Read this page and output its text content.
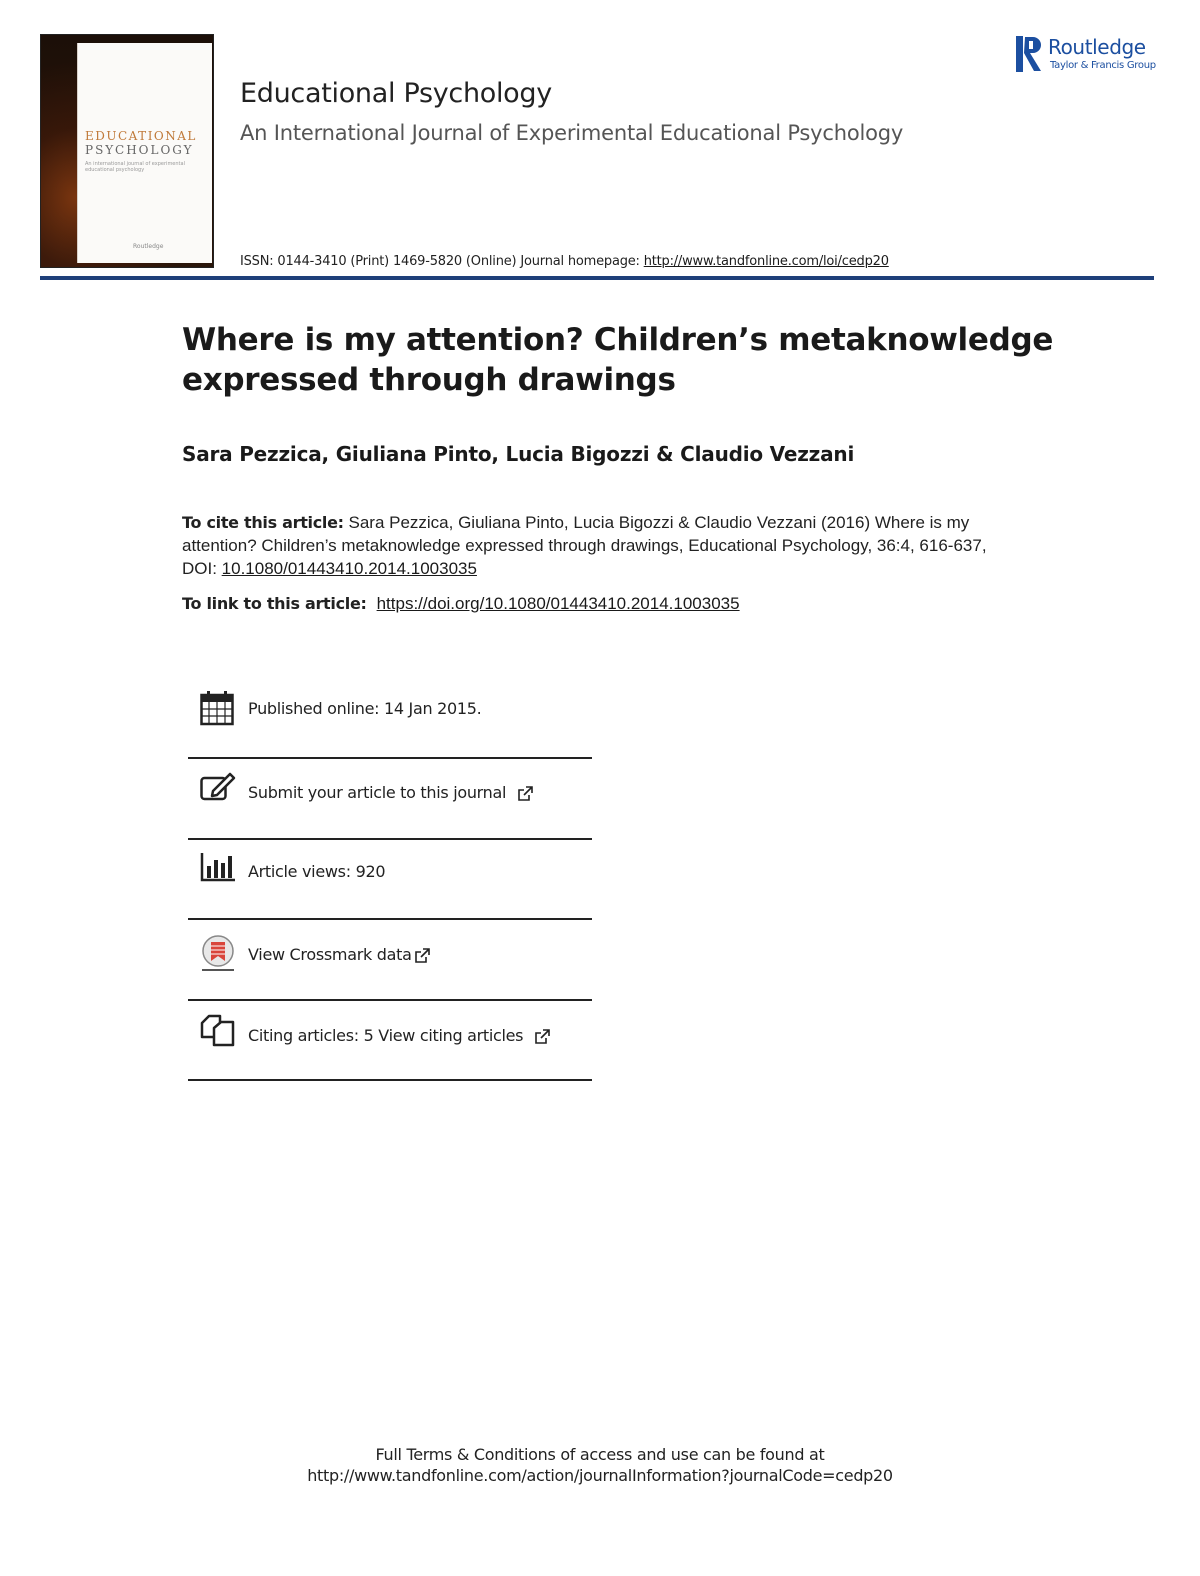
EDUCATIONAL
PSYCHOLOGY
An international journal of experimental educational psychology
Routledge
Educational Psychology
An International Journal of Experimental Educational Psychology
ISSN: 0144-3410 (Print) 1469-5820 (Online) Journal homepage: http://www.tandfonline.com/loi/cedp20
Routledge
Taylor & Francis Group
Where is my attention? Children’s metaknowledge expressed through drawings
Sara Pezzica, Giuliana Pinto, Lucia Bigozzi & Claudio Vezzani
To cite this article: Sara Pezzica, Giuliana Pinto, Lucia Bigozzi & Claudio Vezzani (2016) Where is my attention? Children’s metaknowledge expressed through drawings, Educational Psychology, 36:4, 616-637, DOI: 10.1080/01443410.2014.1003035
To link to this article: https://doi.org/10.1080/01443410.2014.1003035
Published online: 14 Jan 2015.
Submit your article to this journal
Article views: 920
View Crossmark data
Citing articles: 5 View citing articles
Full Terms & Conditions of access and use can be found at
http://www.tandfonline.com/action/journalInformation?journalCode=cedp20
